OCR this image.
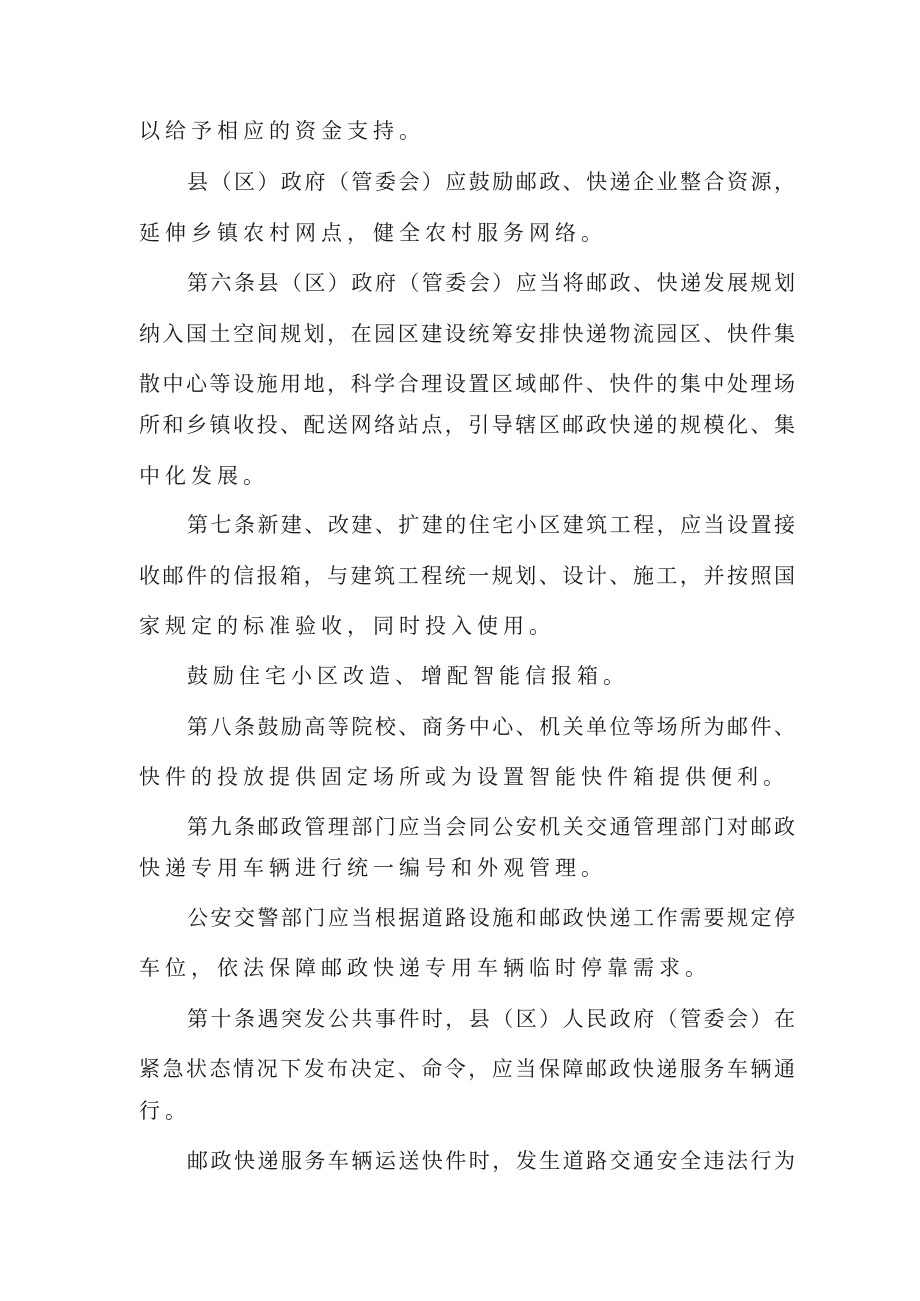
以给予相应的资金支持。
县（区）政府（管委会）应鼓励邮政、快递企业整合资源，
延伸乡镇农村网点，健全农村服务网络。
第六条县（区）政府（管委会）应当将邮政、快递发展规划
纳入国土空间规划，在园区建设统筹安排快递物流园区、快件集
散中心等设施用地，科学合理设置区域邮件、快件的集中处理场
所和乡镇收投、配送网络站点，引导辖区邮政快递的规模化、集
中化发展。
第七条新建、改建、扩建的住宅小区建筑工程，应当设置接
收邮件的信报箱，与建筑工程统一规划、设计、施工，并按照国
家规定的标准验收，同时投入使用。
鼓励住宅小区改造、增配智能信报箱。
第八条鼓励高等院校、商务中心、机关单位等场所为邮件、
快件的投放提供固定场所或为设置智能快件箱提供便利。
第九条邮政管理部门应当会同公安机关交通管理部门对邮政
快递专用车辆进行统一编号和外观管理。
公安交警部门应当根据道路设施和邮政快递工作需要规定停
车位，依法保障邮政快递专用车辆临时停靠需求。
第十条遇突发公共事件时，县（区）人民政府（管委会）在
紧急状态情况下发布决定、命令，应当保障邮政快递服务车辆通
行。
邮政快递服务车辆运送快件时，发生道路交通安全违法行为
